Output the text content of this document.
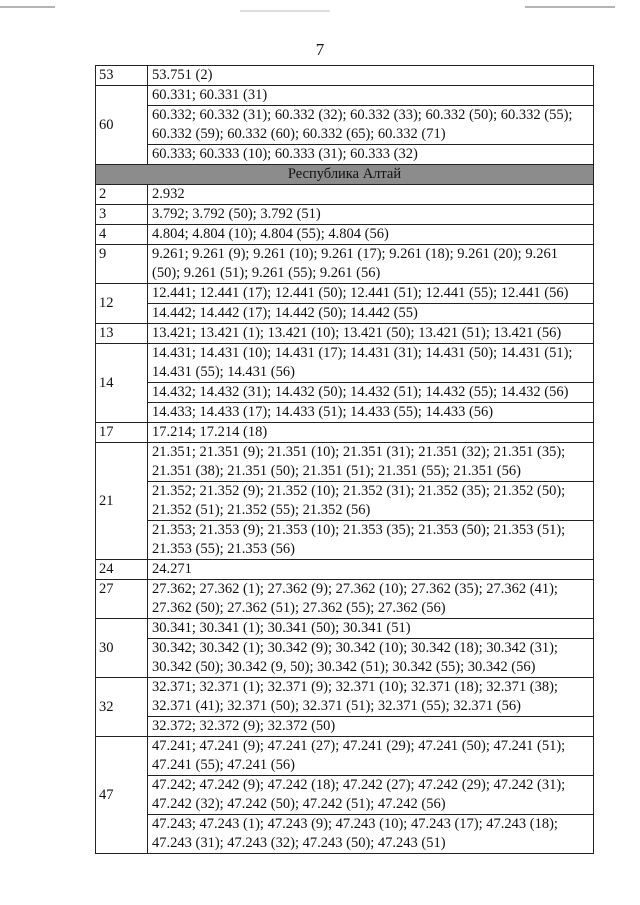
7
53	53.751 (2)
60	60.331; 60.331 (31)
	60.332; 60.332 (31); 60.332 (32); 60.332 (33); 60.332 (50); 60.332 (55); 60.332 (59); 60.332 (60); 60.332 (65); 60.332 (71)
	60.333; 60.333 (10); 60.333 (31); 60.333 (32)
Республика Алтай	
2	2.932
3	3.792; 3.792 (50); 3.792 (51)
4	4.804; 4.804 (10); 4.804 (55); 4.804 (56)
9	9.261; 9.261 (9); 9.261 (10); 9.261 (17); 9.261 (18); 9.261 (20); 9.261 (50); 9.261 (51); 9.261 (55); 9.261 (56)
12	12.441; 12.441 (17); 12.441 (50); 12.441 (51); 12.441 (55); 12.441 (56)
	14.442; 14.442 (17); 14.442 (50); 14.442 (55)
13	13.421; 13.421 (1); 13.421 (10); 13.421 (50); 13.421 (51); 13.421 (56)
14	14.431; 14.431 (10); 14.431 (17); 14.431 (31); 14.431 (50); 14.431 (51); 14.431 (55); 14.431 (56)
	14.432; 14.432 (31); 14.432 (50); 14.432 (51); 14.432 (55); 14.432 (56)
	14.433; 14.433 (17); 14.433 (51); 14.433 (55); 14.433 (56)
17	17.214; 17.214 (18)
21	21.351; 21.351 (9); 21.351 (10); 21.351 (31); 21.351 (32); 21.351 (35); 21.351 (38); 21.351 (50); 21.351 (51); 21.351 (55); 21.351 (56)
	21.352; 21.352 (9); 21.352 (10); 21.352 (31); 21.352 (35); 21.352 (50); 21.352 (51); 21.352 (55); 21.352 (56)
	21.353; 21.353 (9); 21.353 (10); 21.353 (35); 21.353 (50); 21.353 (51); 21.353 (55); 21.353 (56)
24	24.271
27	27.362; 27.362 (1); 27.362 (9); 27.362 (10); 27.362 (35); 27.362 (41); 27.362 (50); 27.362 (51); 27.362 (55); 27.362 (56)
30	30.341; 30.341 (1); 30.341 (50); 30.341 (51)
	30.342; 30.342 (1); 30.342 (9); 30.342 (10); 30.342 (18); 30.342 (31); 30.342 (50); 30.342 (9, 50); 30.342 (51); 30.342 (55); 30.342 (56)
32	32.371; 32.371 (1); 32.371 (9); 32.371 (10); 32.371 (18); 32.371 (38); 32.371 (41); 32.371 (50); 32.371 (51); 32.371 (55); 32.371 (56)
	32.372; 32.372 (9); 32.372 (50)
47	47.241; 47.241 (9); 47.241 (27); 47.241 (29); 47.241 (50); 47.241 (51); 47.241 (55); 47.241 (56)
	47.242; 47.242 (9); 47.242 (18); 47.242 (27); 47.242 (29); 47.242 (31); 47.242 (32); 47.242 (50); 47.242 (51); 47.242 (56)
	47.243; 47.243 (1); 47.243 (9); 47.243 (10); 47.243 (17); 47.243 (18); 47.243 (31); 47.243 (32); 47.243 (50); 47.243 (51)
